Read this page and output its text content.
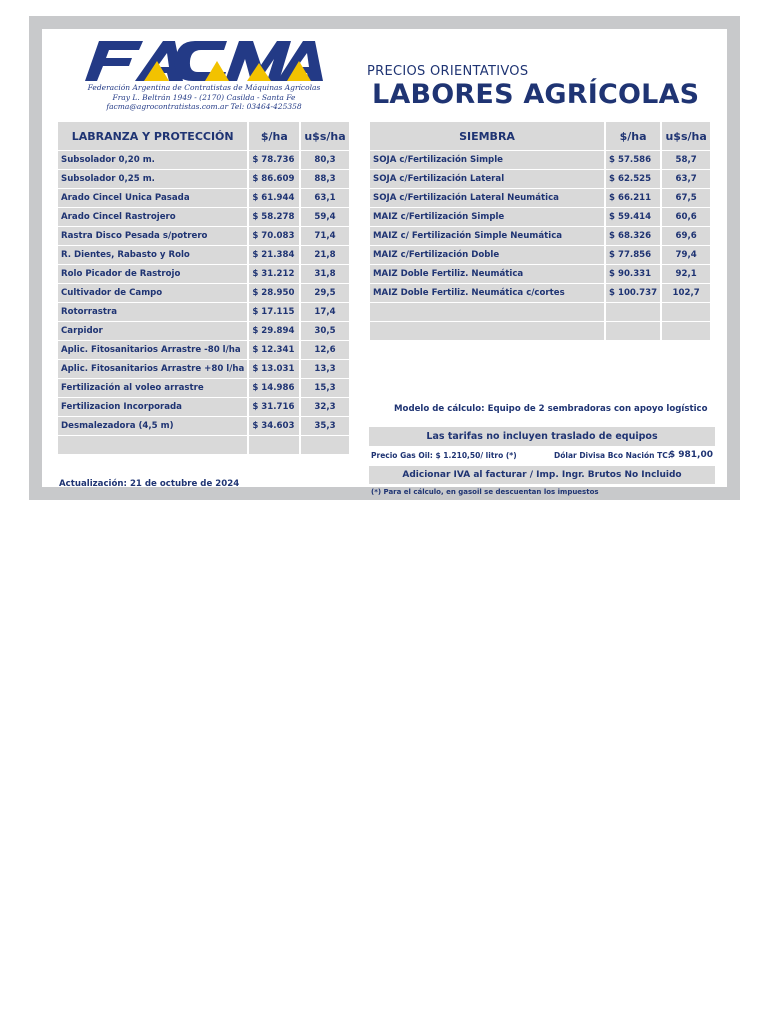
Federación Argentina de Contratistas de Máquinas Agrícolas
Fray L. Beltrán 1949 - (2170) Casilda - Santa Fe
facma@agrocontratistas.com.ar Tel: 03464-425358
PRECIOS ORIENTATIVOS
LABORES AGRÍCOLAS
LABRANZA Y PROTECCIÓN	$/ha	u$s/ha
Subsolador 0,20 m.	$ 78.736	80,3
Subsolador 0,25 m.	$ 86.609	88,3
Arado Cincel Unica Pasada	$ 61.944	63,1
Arado Cincel Rastrojero	$ 58.278	59,4
Rastra Disco Pesada s/potrero	$ 70.083	71,4
R. Dientes, Rabasto y Rolo	$ 21.384	21,8
Rolo Picador de Rastrojo	$ 31.212	31,8
Cultivador de Campo	$ 28.950	29,5
Rotorrastra	$ 17.115	17,4
Carpidor	$ 29.894	30,5
Aplic. Fitosanitarios Arrastre -80 l/ha	$ 12.341	12,6
Aplic. Fitosanitarios Arrastre +80 l/ha	$ 13.031	13,3
Fertilización al voleo arrastre	$ 14.986	15,3
Fertilizacion Incorporada	$ 31.716	32,3
Desmalezadora (4,5 m)	$ 34.603	35,3

SIEMBRA	$/ha	u$s/ha
SOJA c/Fertilización Simple	$ 57.586	58,7
SOJA c/Fertilización Lateral	$ 62.525	63,7
SOJA c/Fertilización Lateral Neumática	$ 66.211	67,5
MAIZ c/Fertilización Simple	$ 59.414	60,6
MAIZ c/ Fertilización Simple Neumática	$ 68.326	69,6
MAIZ c/Fertilización Doble	$ 77.856	79,4
MAIZ Doble Fertiliz. Neumática	$ 90.331	92,1
MAIZ Doble Fertiliz. Neumática c/cortes	$ 100.737	102,7

Actualización: 21 de octubre de 2024
Modelo de cálculo: Equipo de 2 sembradoras con apoyo logístico
Las tarifas no incluyen traslado de equipos
Precio Gas Oil: $ 1.210,50/ litro (*)	Dólar Divisa Bco Nación TC:
$ 981,00
Adicionar IVA al facturar / Imp. Ingr. Brutos No Incluido
(*) Para el cálculo, en gasoil se descuentan los impuestos
